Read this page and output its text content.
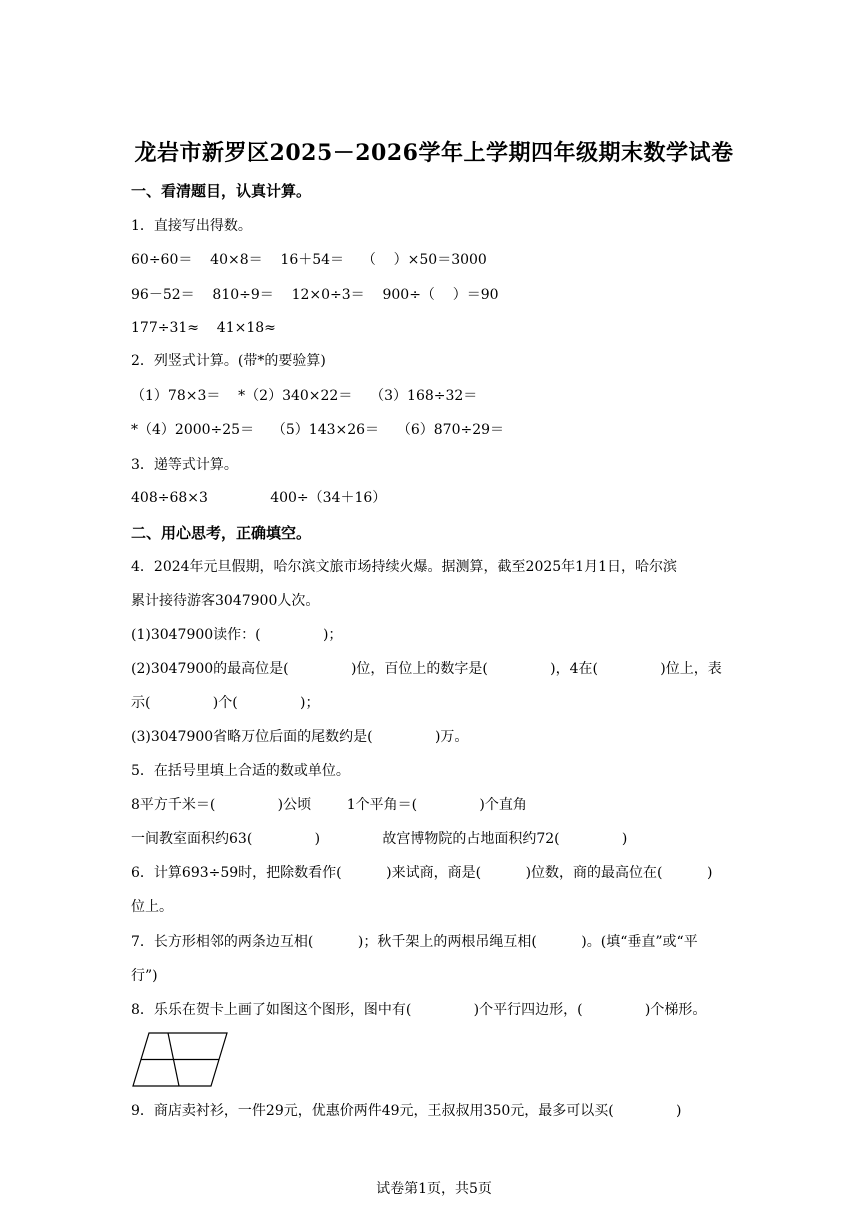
龙岩市新罗区2025－2026学年上学期四年级期末数学试卷
一、看清题目，认真计算。
1．直接写出得数。
60÷60＝    40×8＝    16＋54＝    （    ）×50＝3000
96－52＝    810÷9＝    12×0÷3＝    900÷（    ）＝90
177÷31≈    41×18≈
2．列竖式计算。(带*的要验算)
（1）78×3＝    *（2）340×22＝    （3）168÷32＝
*（4）2000÷25＝    （5）143×26＝    （6）870÷29＝
3．递等式计算。
408÷68×3              400÷（34＋16）
二、用心思考，正确填空。
4．2024年元旦假期，哈尔滨文旅市场持续火爆。据测算，截至2025年1月1日，哈尔滨
累计接待游客3047900人次。
(1)3047900读作：(              )；
(2)3047900的最高位是(              )位，百位上的数字是(              )，4在(              )位上，表
示(              )个(              )；
(3)3047900省略万位后面的尾数约是(              )万。
5．在括号里填上合适的数或单位。
8平方千米＝(              )公顷        1个平角＝(              )个直角
一间教室面积约63(              )              故宫博物院的占地面积约72(              )
6．计算693÷59时，把除数看作(          )来试商，商是(          )位数，商的最高位在(          )
位上。
7．长方形相邻的两条边互相(          )；秋千架上的两根吊绳互相(          )。(填“垂直”或“平
行”)
8．乐乐在贺卡上画了如图这个图形，图中有(              )个平行四边形，(              )个梯形。
9．商店卖衬衫，一件29元，优惠价两件49元，王叔叔用350元，最多可以买(              )
试卷第1页，共5页
